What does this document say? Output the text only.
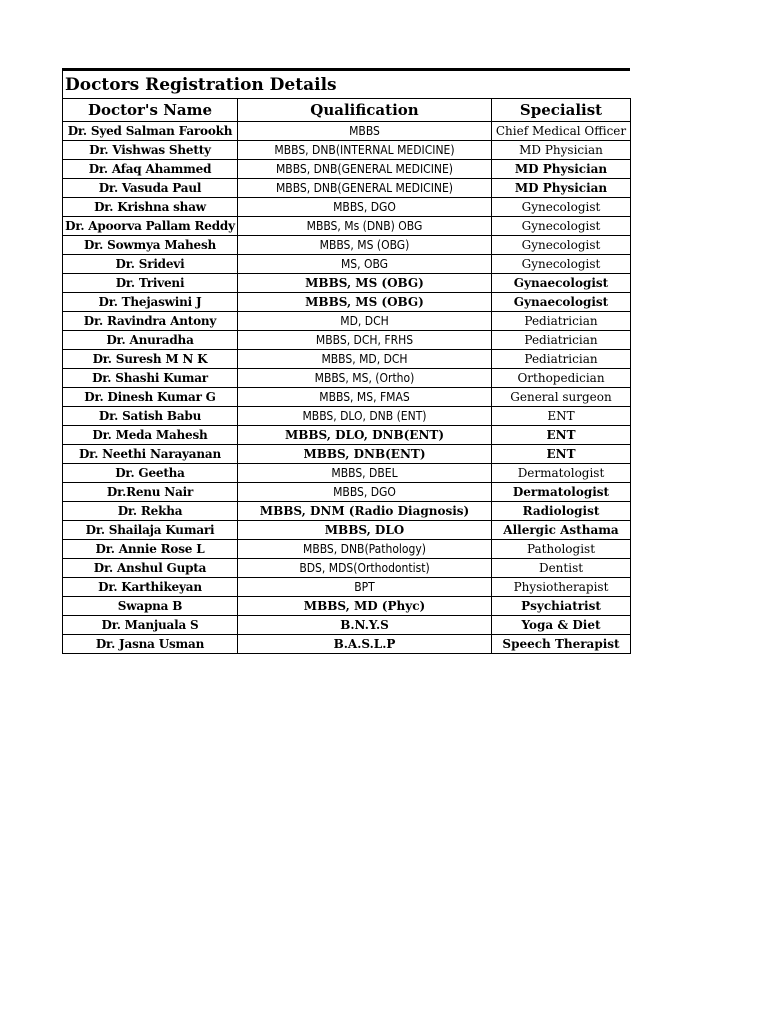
Doctors Registration Details
Doctor's Name	Qualification	Specialist
Dr. Syed Salman Farookh	MBBS	Chief Medical Officer
Dr. Vishwas Shetty	MBBS, DNB(INTERNAL MEDICINE)	MD Physician
Dr. Afaq Ahammed	MBBS, DNB(GENERAL MEDICINE)	MD Physician
Dr. Vasuda Paul	MBBS, DNB(GENERAL MEDICINE)	MD Physician
Dr. Krishna shaw	MBBS, DGO	Gynecologist
Dr. Apoorva Pallam Reddy	MBBS, Ms (DNB) OBG	Gynecologist
Dr. Sowmya Mahesh	MBBS, MS (OBG)	Gynecologist
Dr. Sridevi	MS, OBG	Gynecologist
Dr. Triveni	MBBS, MS (OBG)	Gynaecologist
Dr. Thejaswini J	MBBS, MS (OBG)	Gynaecologist
Dr. Ravindra Antony	MD, DCH	Pediatrician
Dr. Anuradha	MBBS, DCH, FRHS	Pediatrician
Dr. Suresh M N K	MBBS, MD, DCH	Pediatrician
Dr. Shashi Kumar	MBBS, MS, (Ortho)	Orthopedician
Dr. Dinesh Kumar G	MBBS, MS, FMAS	General surgeon
Dr. Satish Babu	MBBS, DLO, DNB (ENT)	ENT
Dr. Meda Mahesh	MBBS, DLO, DNB(ENT)	ENT
Dr. Neethi Narayanan	MBBS, DNB(ENT)	ENT
Dr. Geetha	MBBS, DBEL	Dermatologist
Dr.Renu Nair	MBBS, DGO	Dermatologist
Dr. Rekha	MBBS, DNM (Radio Diagnosis)	Radiologist
Dr. Shailaja Kumari	MBBS, DLO	Allergic Asthama
Dr. Annie Rose L	MBBS, DNB(Pathology)	Pathologist
Dr. Anshul Gupta	BDS, MDS(Orthodontist)	Dentist
Dr. Karthikeyan	BPT	Physiotherapist
Swapna B	MBBS, MD (Phyc)	Psychiatrist
Dr. Manjuala S	B.N.Y.S	Yoga & Diet
Dr. Jasna Usman	B.A.S.L.P	Speech Therapist
